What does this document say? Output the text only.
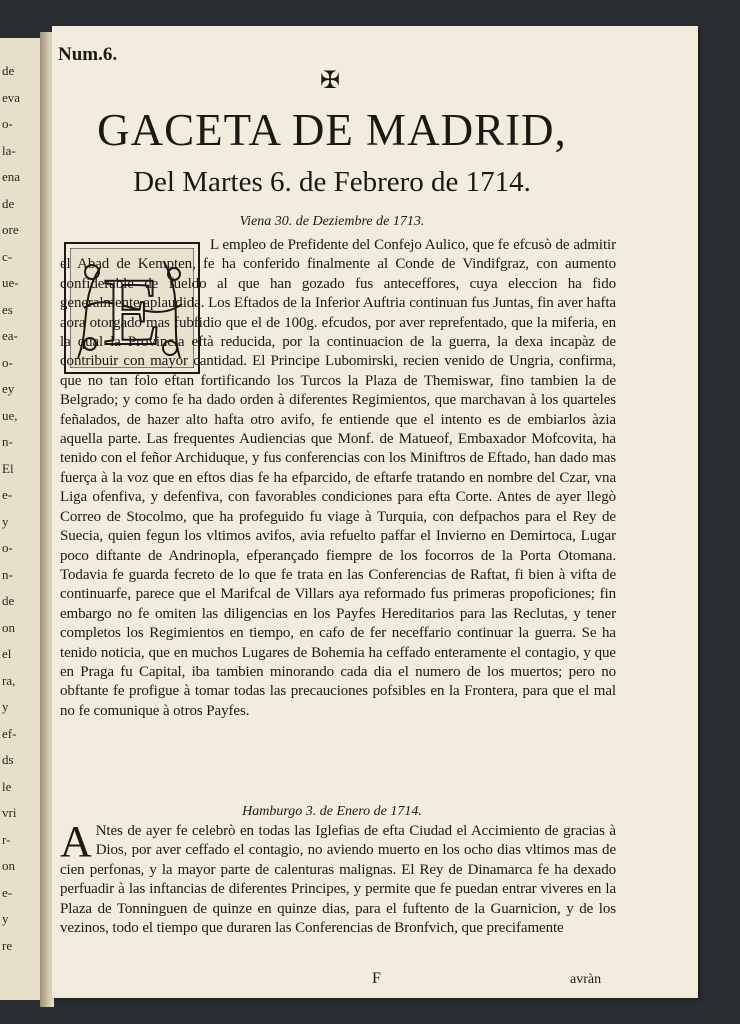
de
eva
o-
la-
ena
de
ore
c-
ue-
es
ea-
o-
ey
ue,
n-
El
e-
y
o-
n-
de
on
el
ra,
y
ef-
ds
le
vri
r-
on
e-
y
re
Num.6.
✠
GACETA DE MADRID,
Del Martes 6. de Febrero de 1714.
Viena 30. de Deziembre de 1713.
E
L empleo de Prefidente del Confejo Aulico, que fe efcusò de admitir el Abad de Kempten, fe ha conferido finalmente al Conde de Vindifgraz, con aumento confiderable de fueldo al que han gozado fus anteceffores, cuya eleccion ha fido generalmente aplaudida. Los Eftados de la Inferior Auftria continuan fus Juntas, fin aver hafta aora otorgado mas fubfidio que el de 100g. efcudos, por aver reprefentado, que la miferia, en la qual la Provincia eftà reducida, por la continuacion de la guerra, la dexa incapàz de contribuir con mayor cantidad. El Principe Lubomirski, recien venido de Ungria, confirma, que no tan folo eftan fortificando los Turcos la Plaza de Themiswar, fino tambien la de Belgrado; y como fe ha dado orden à diferentes Regimientos, que marchavan à los quarteles feñalados, de hazer alto hafta otro avifo, fe entiende que el intento es de embiarlos àzia aquella parte. Las frequentes Audiencias que Monf. de Matueof, Embaxador Mofcovita, ha tenido con el feñor Archiduque, y fus conferencias con los Miniftros de Eftado, han dado mas fuerça à la voz que en eftos dias fe ha efparcido, de eftarfe tratando en nombre del Czar, vna Liga ofenfiva, y defenfiva, con favorables condiciones para efta Corte. Antes de ayer llegò Correo de Stocolmo, que ha profeguido fu viage à Turquia, con defpachos para el Rey de Suecia, quien fegun los vltimos avifos, avia refuelto paffar el Invierno en Demirtoca, Lugar poco diftante de Andrinopla, efperançado fiempre de los focorros de la Porta Otomana. Todavia fe guarda fecreto de lo que fe trata en las Conferencias de Raftat, fi bien à vifta de continuarfe, parece que el Marifcal de Villars aya reformado fus primeras propoficiones; fin embargo no fe omiten las diligencias en los Payfes Hereditarios para las Reclutas, y tener completos los Regimientos en tiempo, en cafo de fer neceffario continuar la guerra. Se ha tenido noticia, que en muchos Lugares de Bohemia ha ceffado enteramente el contagio, y que en Praga fu Capital, iba tambien minorando cada dia el numero de los muertos; pero no obftante fe profigue à tomar todas las precauciones pofsibles en la Frontera, para que el mal no fe comunique à otros Payfes.
Hamburgo 3. de Enero de 1714.
A Ntes de ayer fe celebrò en todas las Iglefias de efta Ciudad el Accimiento de gracias à Dios, por aver ceffado el contagio, no aviendo muerto en los ocho dias vltimos mas de cien perfonas, y la mayor parte de calenturas malignas. El Rey de Dinamarca fe ha dexado perfuadir à las inftancias de diferentes Principes, y permite que fe puedan entrar viveres en la Plaza de Tonninguen de quinze en quinze dias, para el fuftento de la Guarnicion, y de los vezinos, todo el tiempo que duraren las Conferencias de Bronfvich, que precifamente
F	avràn
